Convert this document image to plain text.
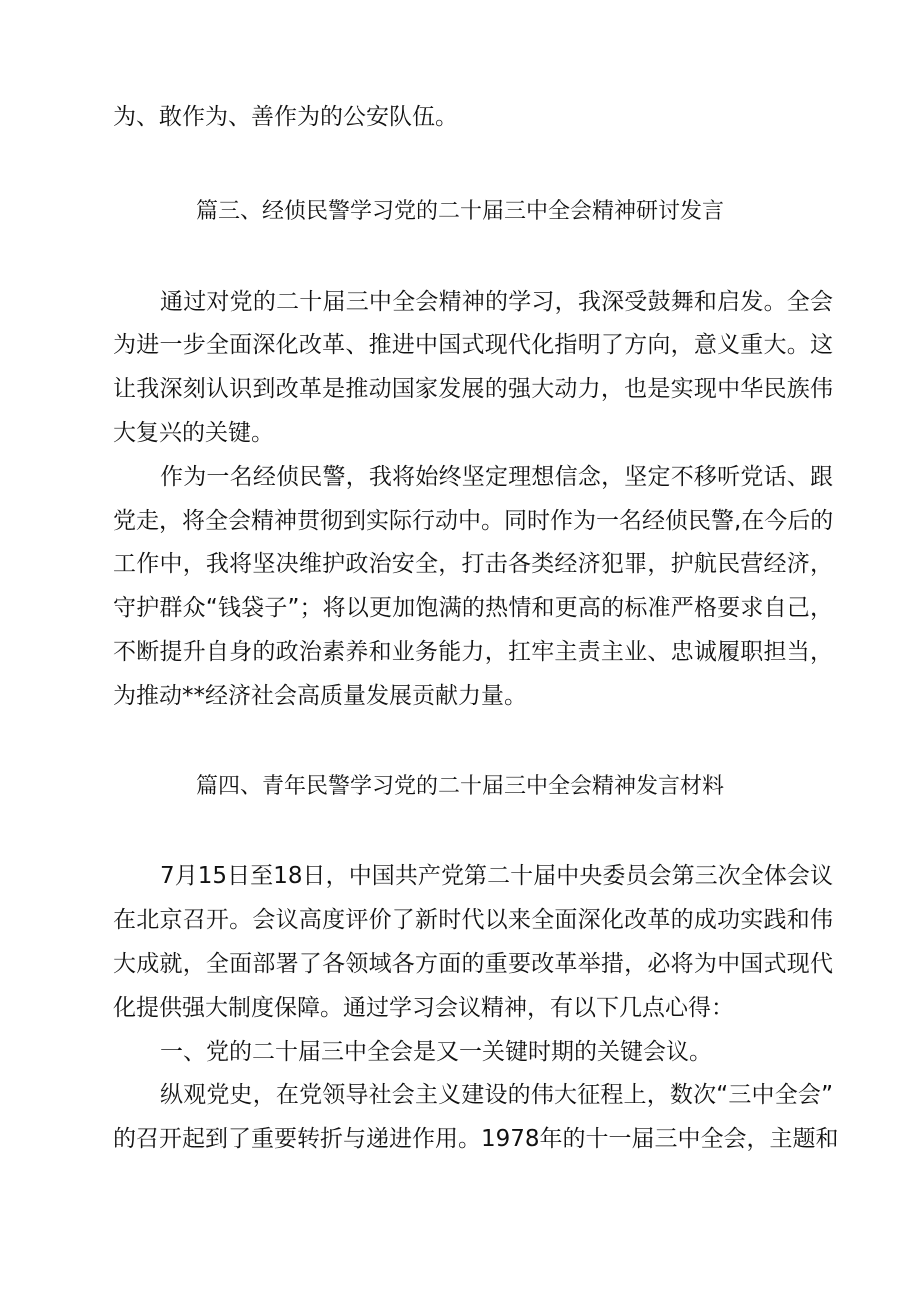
为、敢作为、善作为的公安队伍。
篇三、经侦民警学习党的二十届三中全会精神研讨发言
通过对党的二十届三中全会精神的学习，我深受鼓舞和启发。全会
为进一步全面深化改革、推进中国式现代化指明了方向，意义重大。这
让我深刻认识到改革是推动国家发展的强大动力，也是实现中华民族伟
大复兴的关键。
作为一名经侦民警，我将始终坚定理想信念，坚定不移听党话、跟
党走，将全会精神贯彻到实际行动中。同时作为一名经侦民警,在今后的
工作中，我将坚决维护政治安全，打击各类经济犯罪，护航民营经济，
守护群众“钱袋子”；将以更加饱满的热情和更高的标准严格要求自己，
不断提升自身的政治素养和业务能力，扛牢主责主业、忠诚履职担当，
为推动**经济社会高质量发展贡献力量。
篇四、青年民警学习党的二十届三中全会精神发言材料
7月15日至18日，中国共产党第二十届中央委员会第三次全体会议
在北京召开。会议高度评价了新时代以来全面深化改革的成功实践和伟
大成就，全面部署了各领域各方面的重要改革举措，必将为中国式现代
化提供强大制度保障。通过学习会议精神，有以下几点心得：
一、党的二十届三中全会是又一关键时期的关键会议。
纵观党史，在党领导社会主义建设的伟大征程上，数次“三中全会”
的召开起到了重要转折与递进作用。1978年的十一届三中全会，主题和
